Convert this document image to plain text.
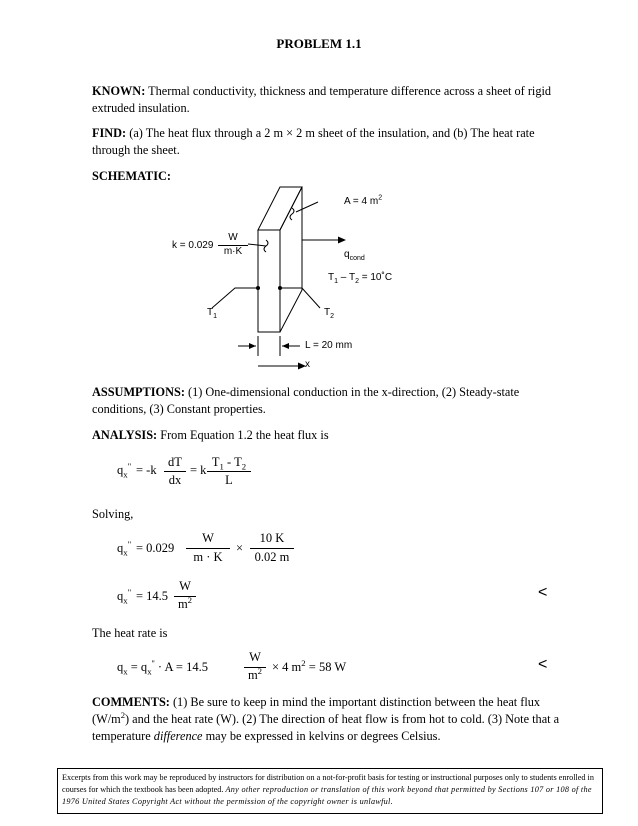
PROBLEM 1.1
KNOWN: Thermal conductivity, thickness and temperature difference across a sheet of rigid extruded insulation.
FIND: (a) The heat flux through a 2 m × 2 m sheet of the insulation, and (b) The heat rate through the sheet.
SCHEMATIC:
A = 4 $m^2$
k = 0.029
W
m·K	$q_{cond}$
$T_1 - T_2$ = 10˚C
$T_1$	$T_2$
L = 20 mm
x
ASSUMPTIONS: (1) One-dimensional conduction in the x-direction, (2) Steady-state conditions, (3) Constant properties.
ANALYSIS: From Equation 1.2 the heat flux is
$q_x^" = -k$
dT
dx
= k
$T_1 - T_2$
L
Solving,
$q_x^" = 0.029$
W
m · K
×
10 K
0.02 m
$q_x^" = 14.5$
W
$m^2$	<
The heat rate is
$q_x = q_x'' \cdot A = 14.5$
W
$m^2 \times 4$ $m^2 = 58$ W	<
COMMENTS: (1) Be sure to keep in mind the important distinction between the heat flux $(W/m^2)$ and the heat rate (W). (2) The direction of heat flow is from hot to cold. (3) Note that a temperature difference may be expressed in kelvins or degrees Celsius.
Excerpts from this work may be reproduced by instructors for distribution on a not-for-profit basis for testing or instructional purposes only to students enrolled in courses for which the textbook has been adopted. Any other reproduction or translation of this work beyond that permitted by Sections 107 or 108 of the 1976 United States Copyright Act without the permission of the copyright owner is unlawful.
